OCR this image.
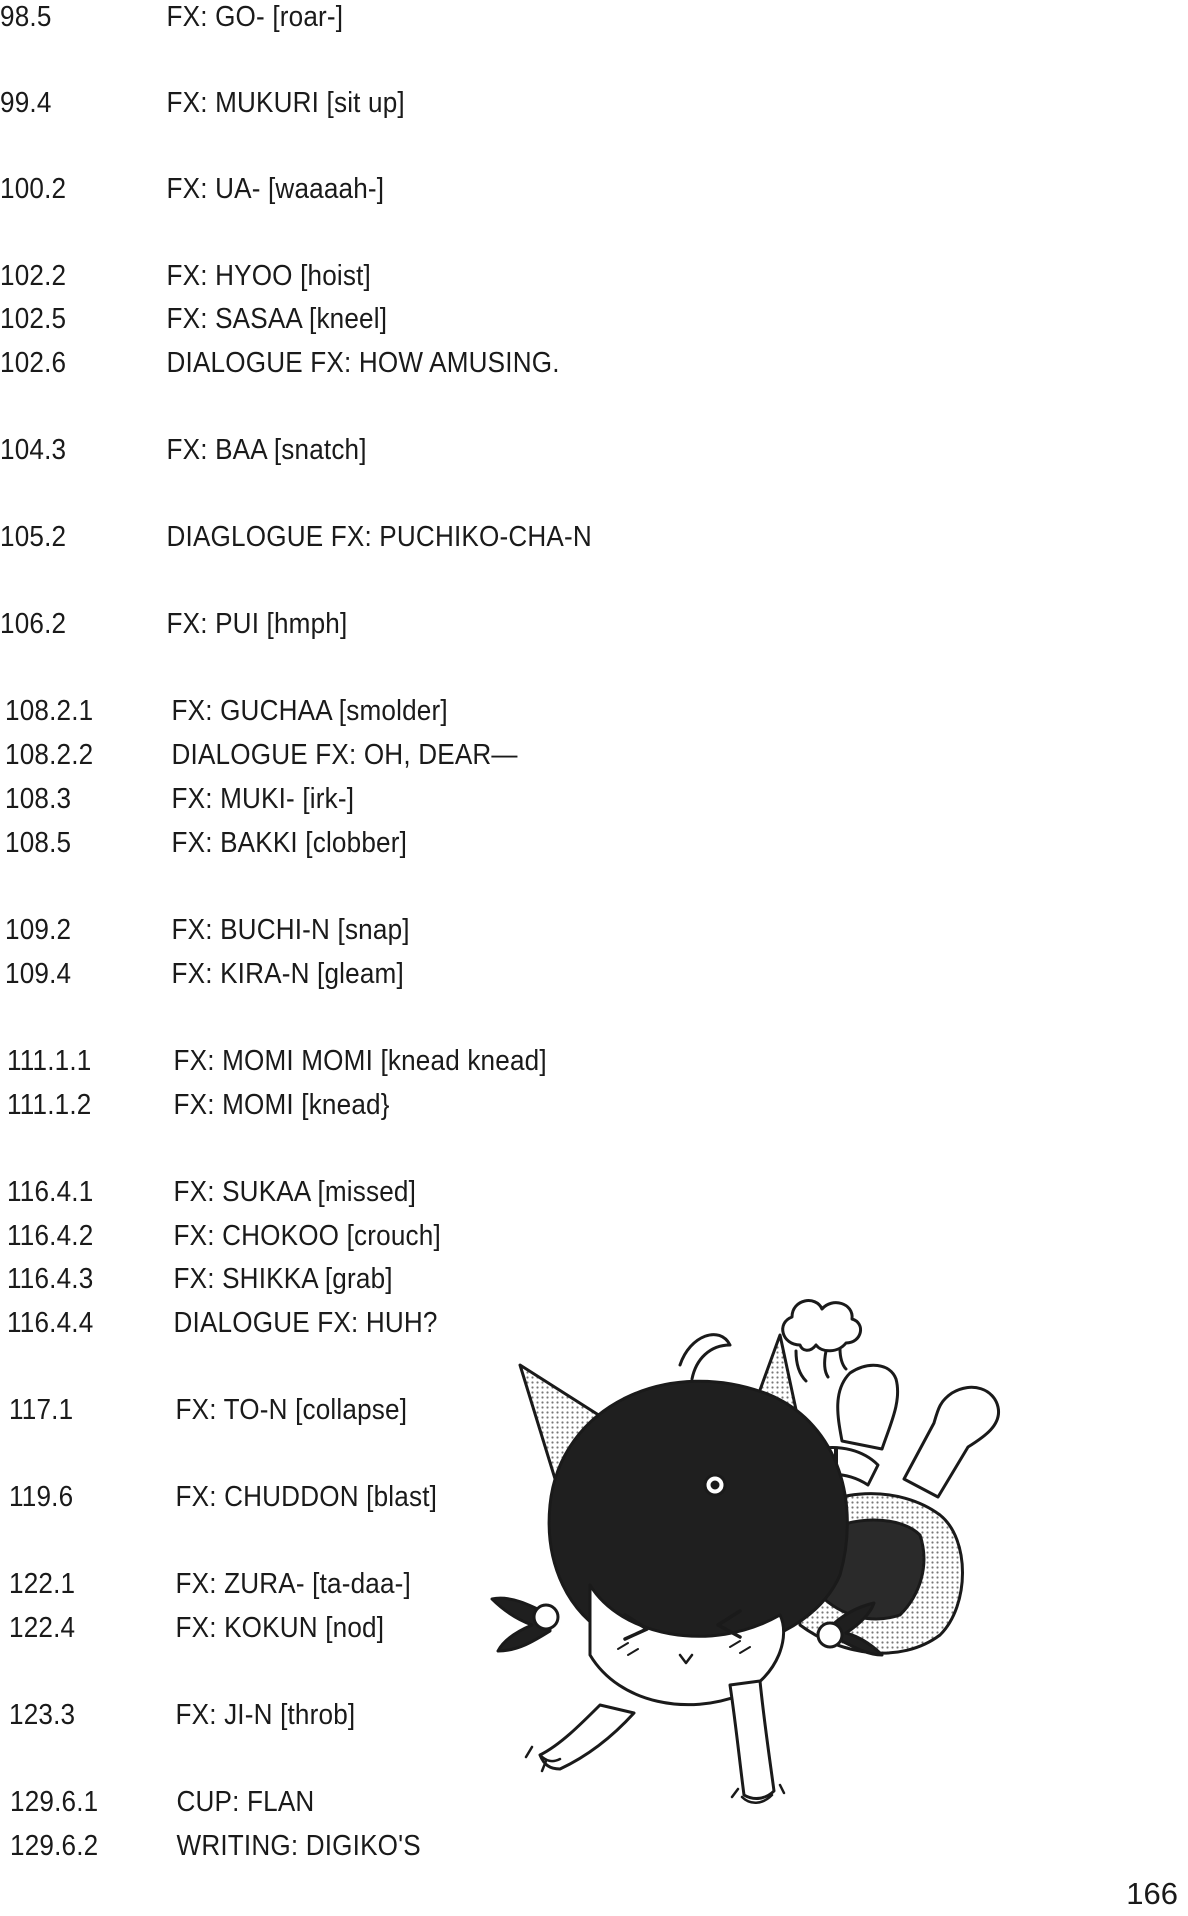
98.5	FX: GO- [roar-]
99.4	FX: MUKURI [sit up]
100.2	FX: UA- [waaaah-]
102.2	FX: HYOO [hoist]
102.5	FX: SASAA [kneel]
102.6	DIALOGUE FX: HOW AMUSING.
104.3	FX: BAA [snatch]
105.2	DIAGLOGUE FX: PUCHIKO-CHA-N
106.2	FX: PUI [hmph]
108.2.1	FX: GUCHAA [smolder]
108.2.2	DIALOGUE FX: OH, DEAR—
108.3	FX: MUKI- [irk-]
108.5	FX: BAKKI [clobber]
109.2	FX: BUCHI-N [snap]
109.4	FX: KIRA-N [gleam]
111.1.1	FX: MOMI MOMI [knead knead]
111.1.2	FX: MOMI [knead}
116.4.1	FX: SUKAA [missed]
116.4.2	FX: CHOKOO [crouch]
116.4.3	FX: SHIKKA [grab]
116.4.4	DIALOGUE FX: HUH?
117.1	FX: TO-N [collapse]
119.6	FX: CHUDDON [blast]
122.1	FX: ZURA- [ta-daa-]
122.4	FX: KOKUN [nod]
123.3	FX: JI-N [throb]
129.6.1	CUP: FLAN
129.6.2	WRITING: DIGIKO'S
166
